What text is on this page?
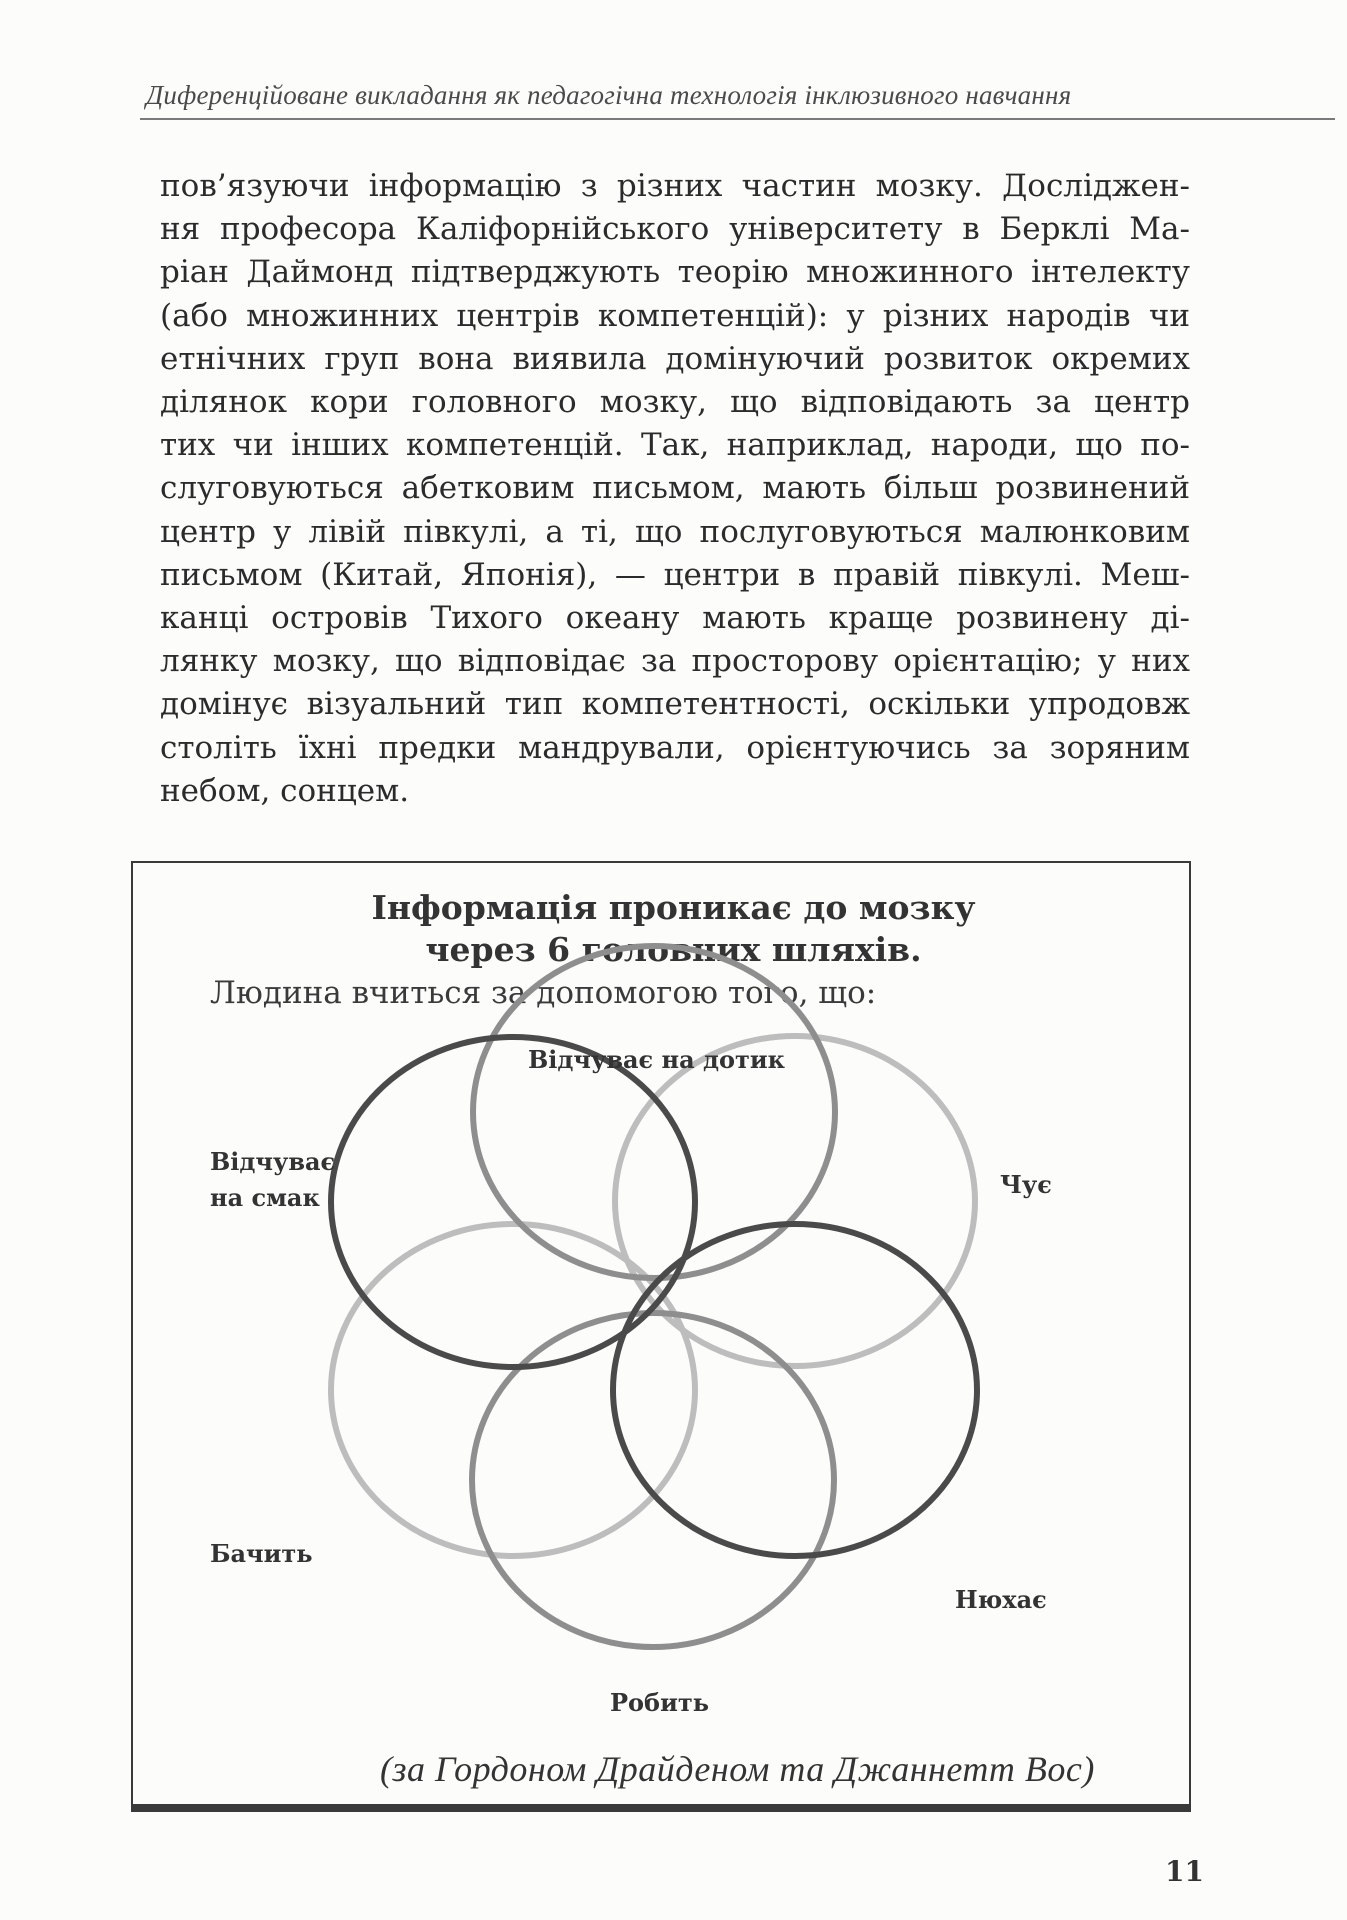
Диференційоване викладання як педагогічна технологія інклюзивного навчання
пов’язуючи інформацію з різних частин мозку. Досліджен-
ня професора Каліфорнійського університету в Берклі Ма-
ріан Даймонд підтверджують теорію множинного інтелекту
(або множинних центрів компетенцій): у різних народів чи
етнічних груп вона виявила домінуючий розвиток окремих
ділянок кори головного мозку, що відповідають за центр
тих чи інших компетенцій. Так, наприклад, народи, що по-
слуговуються абетковим письмом, мають більш розвинений
центр у лівій півкулі, а ті, що послуговуються малюнковим
письмом (Китай, Японія), — центри в правій півкулі. Меш-
канці островів Тихого океану мають краще розвинену ді-
лянку мозку, що відповідає за просторову орієнтацію; у них
домінує візуальний тип компетентності, оскільки упродовж
століть їхні предки мандрували, орієнтуючись за зоряним
небом, сонцем.
Інформація проникає до мозку
через 6 головних шляхів.
Людина вчиться за допомогою того, що:
Відчуває на дотик
Відчуває
на смак	Чує
Бачить
Нюхає
Робить
(за Гордоном Драйденом та Джаннетт Вос)
11
